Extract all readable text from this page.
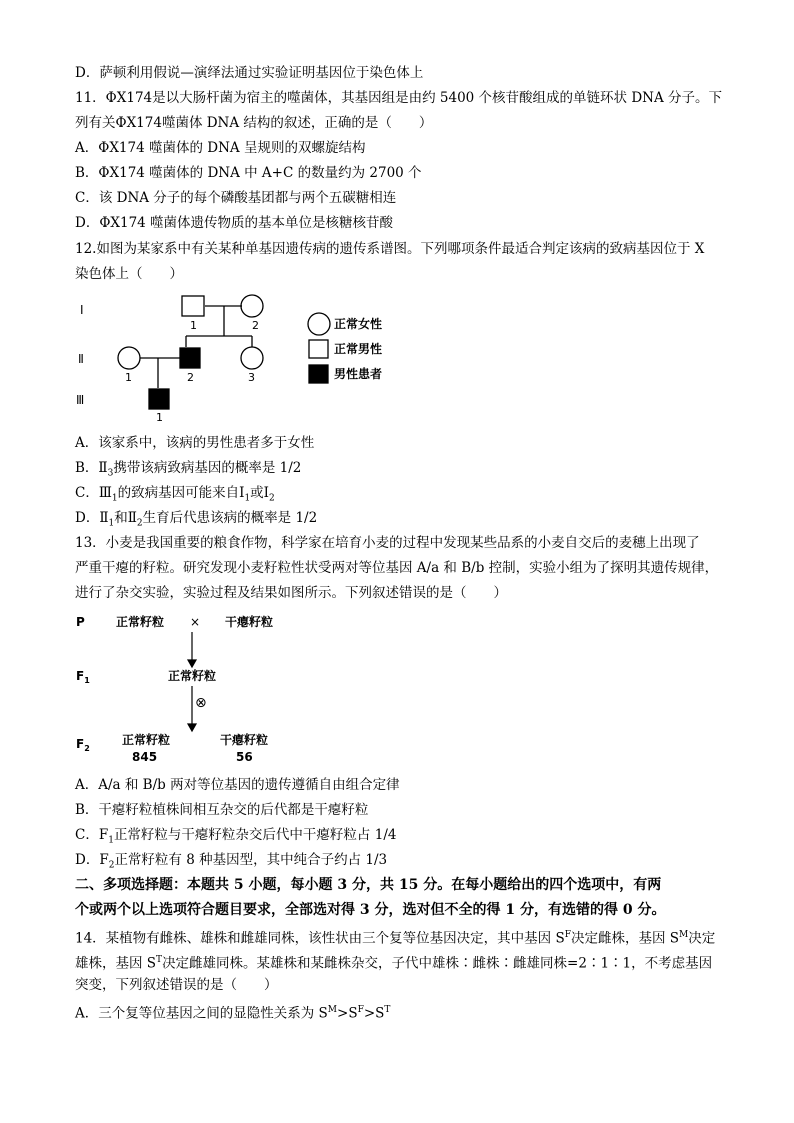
D．萨顿利用假说—演绎法通过实验证明基因位于染色体上
11．ΦX174是以大肠杆菌为宿主的噬菌体，其基因组是由约 5400 个核苷酸组成的单链环状 DNA 分子。下
列有关ΦX174噬菌体 DNA 结构的叙述，正确的是（　　）
A．ΦX174 噬菌体的 DNA 呈规则的双螺旋结构
B．ΦX174 噬菌体的 DNA 中 A+C 的数量约为 2700 个
C．该 DNA 分子的每个磷酸基团都与两个五碳糖相连
D．ΦX174 噬菌体遗传物质的基本单位是核糖核苷酸
12.如图为某家系中有关某种单基因遗传病的遗传系谱图。下列哪项条件最适合判定该病的致病基因位于 X
染色体上（　　）
Ⅰ
Ⅱ
Ⅲ
1	2
1	2	3
1
正常女性
正常男性
男性患者
A．该家系中，该病的男性患者多于女性
B．$Ⅱ_3$携带该病致病基因的概率是 1/2
C．$Ⅲ_1$的致病基因可能来自$Ⅰ_1$或$Ⅰ_2$
D．$Ⅱ_1$和$Ⅱ_2$生育后代患该病的概率是 1/2
13．小麦是我国重要的粮食作物，科学家在培育小麦的过程中发现某些品系的小麦自交后的麦穗上出现了
严重干瘪的籽粒。研究发现小麦籽粒性状受两对等位基因 A/a 和 B/b 控制，实验小组为了探明其遗传规律，
进行了杂交实验，实验过程及结果如图所示。下列叙述错误的是（　　）
P	正常籽粒 × 干瘪籽粒
$F_1$	正常籽粒
⊗
$F_2$
正常籽粒
845
干瘪籽粒
56
A．A/a 和 B/b 两对等位基因的遗传遵循自由组合定律
B．干瘪籽粒植株间相互杂交的后代都是干瘪籽粒
C．$F_1$正常籽粒与干瘪籽粒杂交后代中干瘪籽粒占 1/4
D．$F_2$正常籽粒有 8 种基因型，其中纯合子约占 1/3
二、多项选择题：本题共 5 小题，每小题 3 分，共 15 分。在每小题给出的四个选项中，有两
个或两个以上选项符合题目要求，全部选对得 3 分，选对但不全的得 1 分，有选错的得 0 分。
14．某植物有雌株、雄株和雌雄同株，该性状由三个复等位基因决定，其中基因 $S^F$决定雌株，基因 $S^M$决定
雄株，基因 $S^T$决定雌雄同株。某雄株和某雌株杂交，子代中雄株∶雌株∶雌雄同株=2∶1∶1，不考虑基因
突变，下列叙述错误的是（　　）
A．三个复等位基因之间的显隐性关系为 $S^M>S^F>S^T$
